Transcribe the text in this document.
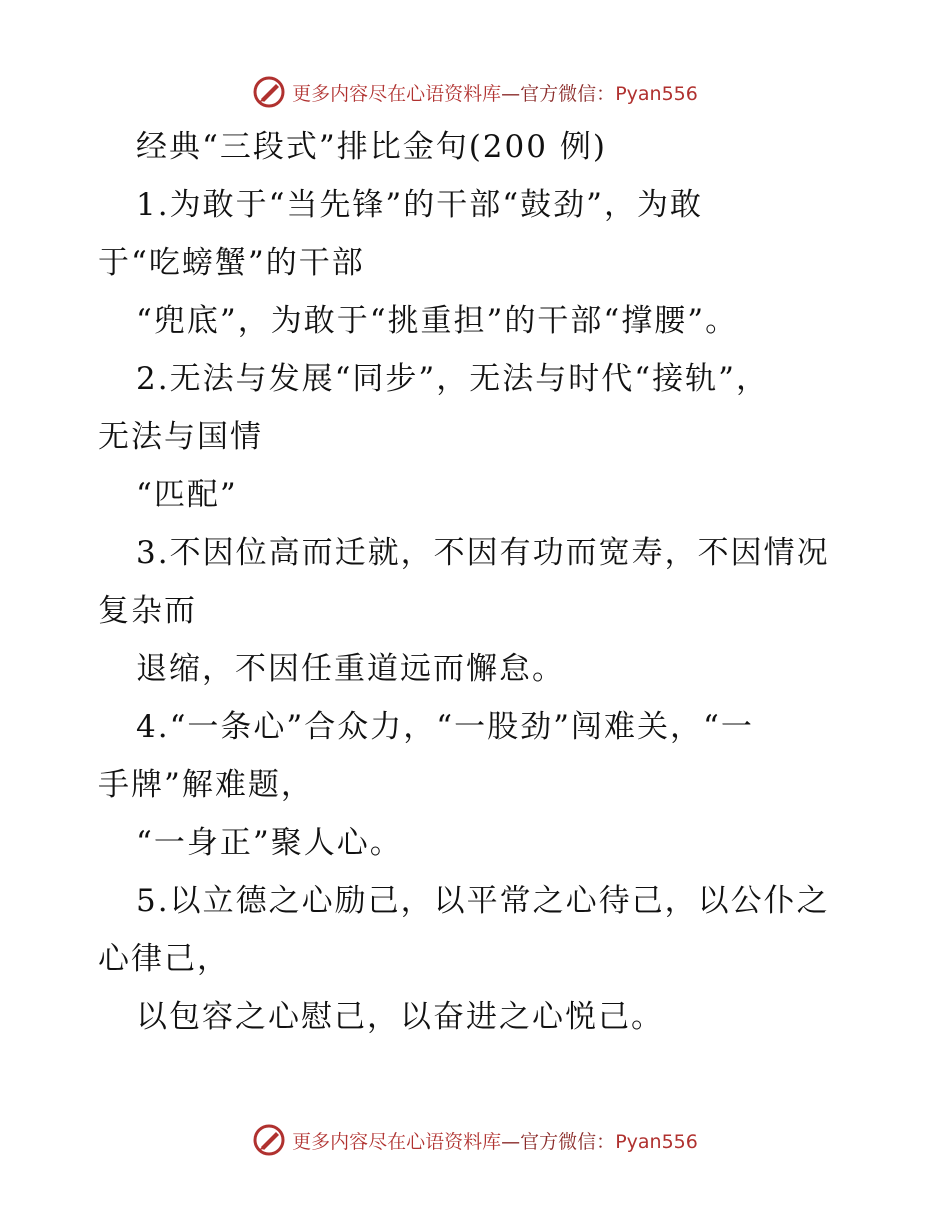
更多内容尽在心语资料库—官方微信：Pyan556
经典“三段式”排比金句(200 例)
1.为敢于“当先锋”的干部“鼓劲”，为敢
于“吃螃蟹”的干部
“兜底”，为敢于“挑重担”的干部“撑腰”。
2.无法与发展“同步”，无法与时代“接轨”，
无法与国情
“匹配”
3.不因位高而迁就，不因有功而宽寿，不因情况
复杂而
退缩，不因任重道远而懈怠。
4.“一条心”合众力，“一股劲”闯难关，“一
手牌”解难题，
“一身正”聚人心。
5.以立德之心励己，以平常之心待己，以公仆之
心律己，
以包容之心慰己，以奋进之心悦己。
更多内容尽在心语资料库—官方微信：Pyan556
